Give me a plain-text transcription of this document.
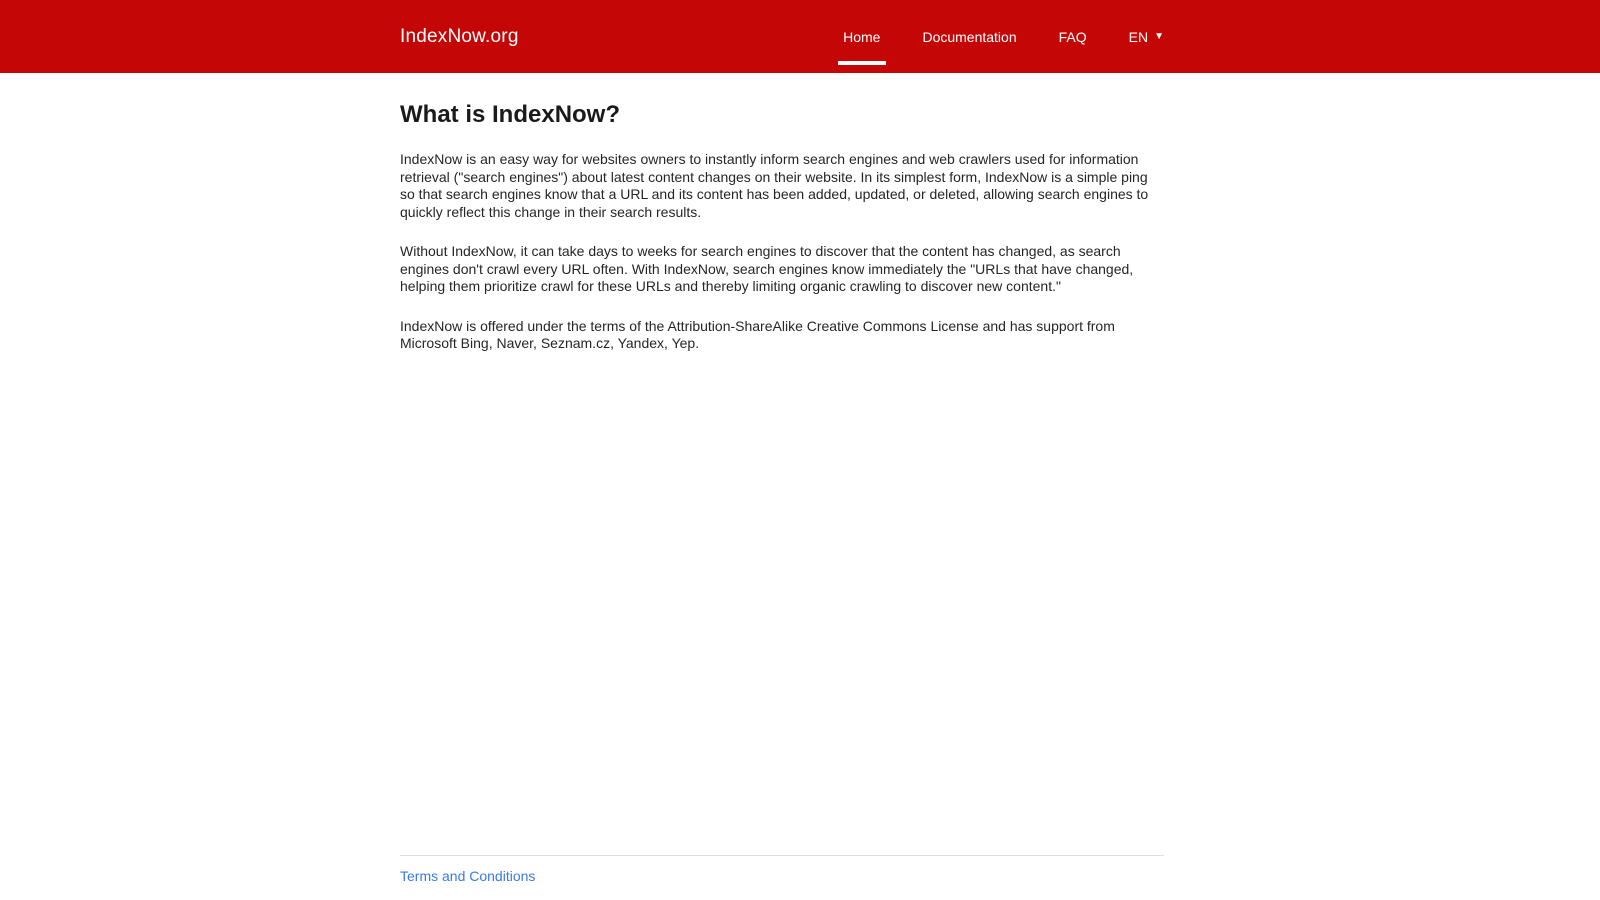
IndexNow.org	Home	Documentation	FAQ	EN ▼
What is IndexNow?

IndexNow is an easy way for websites owners to instantly inform search engines and web crawlers used for information retrieval ("search engines") about latest content changes on their website. In its simplest form, IndexNow is a simple ping so that search engines know that a URL and its content has been added, updated, or deleted, allowing search engines to quickly reflect this change in their search results.

Without IndexNow, it can take days to weeks for search engines to discover that the content has changed, as search engines don't crawl every URL often. With IndexNow, search engines know immediately the "URLs that have changed, helping them prioritize crawl for these URLs and thereby limiting organic crawling to discover new content."

IndexNow is offered under the terms of the Attribution-ShareAlike Creative Commons License and has support from Microsoft Bing, Naver, Seznam.cz, Yandex, Yep.

Terms and Conditions
